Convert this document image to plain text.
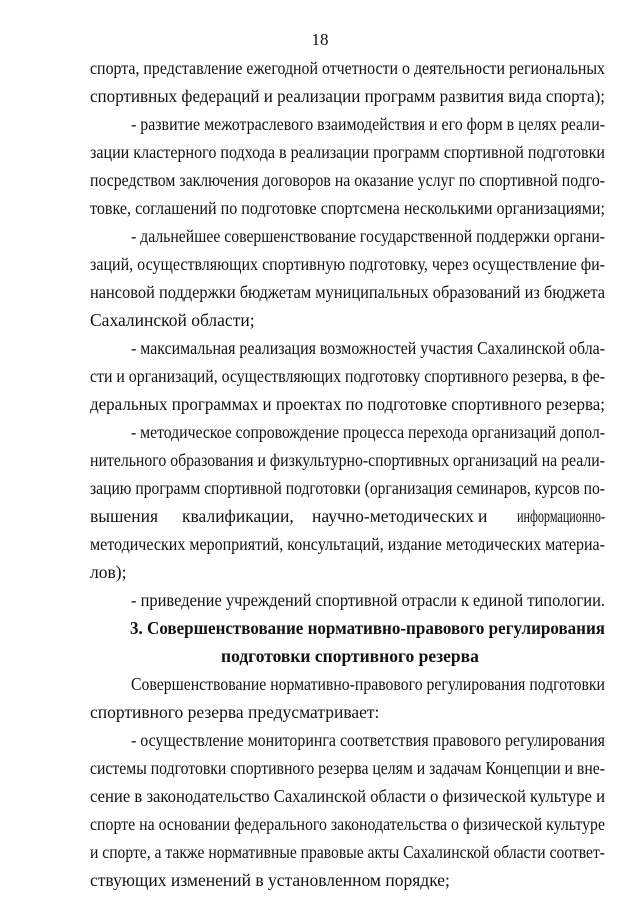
18
спорта, представление ежегодной отчетности о деятельности региональных
спортивных федераций и реализации программ развития вида спорта);
- развитие межотраслевого взаимодействия и его форм в целях реали-
зации кластерного подхода в реализации программ спортивной подготовки
посредством заключения договоров на оказание услуг по спортивной подго-
товке, соглашений по подготовке спортсмена несколькими организациями;
- дальнейшее совершенствование государственной поддержки органи-
заций, осуществляющих спортивную подготовку, через осуществление фи-
нансовой поддержки бюджетам муниципальных образований из бюджета
Сахалинской области;
- максимальная реализация возможностей участия Сахалинской обла-
сти и организаций, осуществляющих подготовку спортивного резерва, в фе-
деральных программах и проектах по подготовке спортивного резерва;
- методическое сопровождение процесса перехода организаций допол-
нительного образования и физкультурно-спортивных организаций на реали-
зацию программ спортивной подготовки (организация семинаров, курсов по-
вышения квалификации, научно-методических и информационно-
методических мероприятий, консультаций, издание методических материа-
лов);
- приведение учреждений спортивной отрасли к единой типологии.
3. Совершенствование нормативно-правового регулирования
подготовки спортивного резерва
Совершенствование нормативно-правового регулирования подготовки
спортивного резерва предусматривает:
- осуществление мониторинга соответствия правового регулирования
системы подготовки спортивного резерва целям и задачам Концепции и вне-
сение в законодательство Сахалинской области о физической культуре и
спорте на основании федерального законодательства о физической культуре
и спорте, а также нормативные правовые акты Сахалинской области соответ-
ствующих изменений в установленном порядке;
